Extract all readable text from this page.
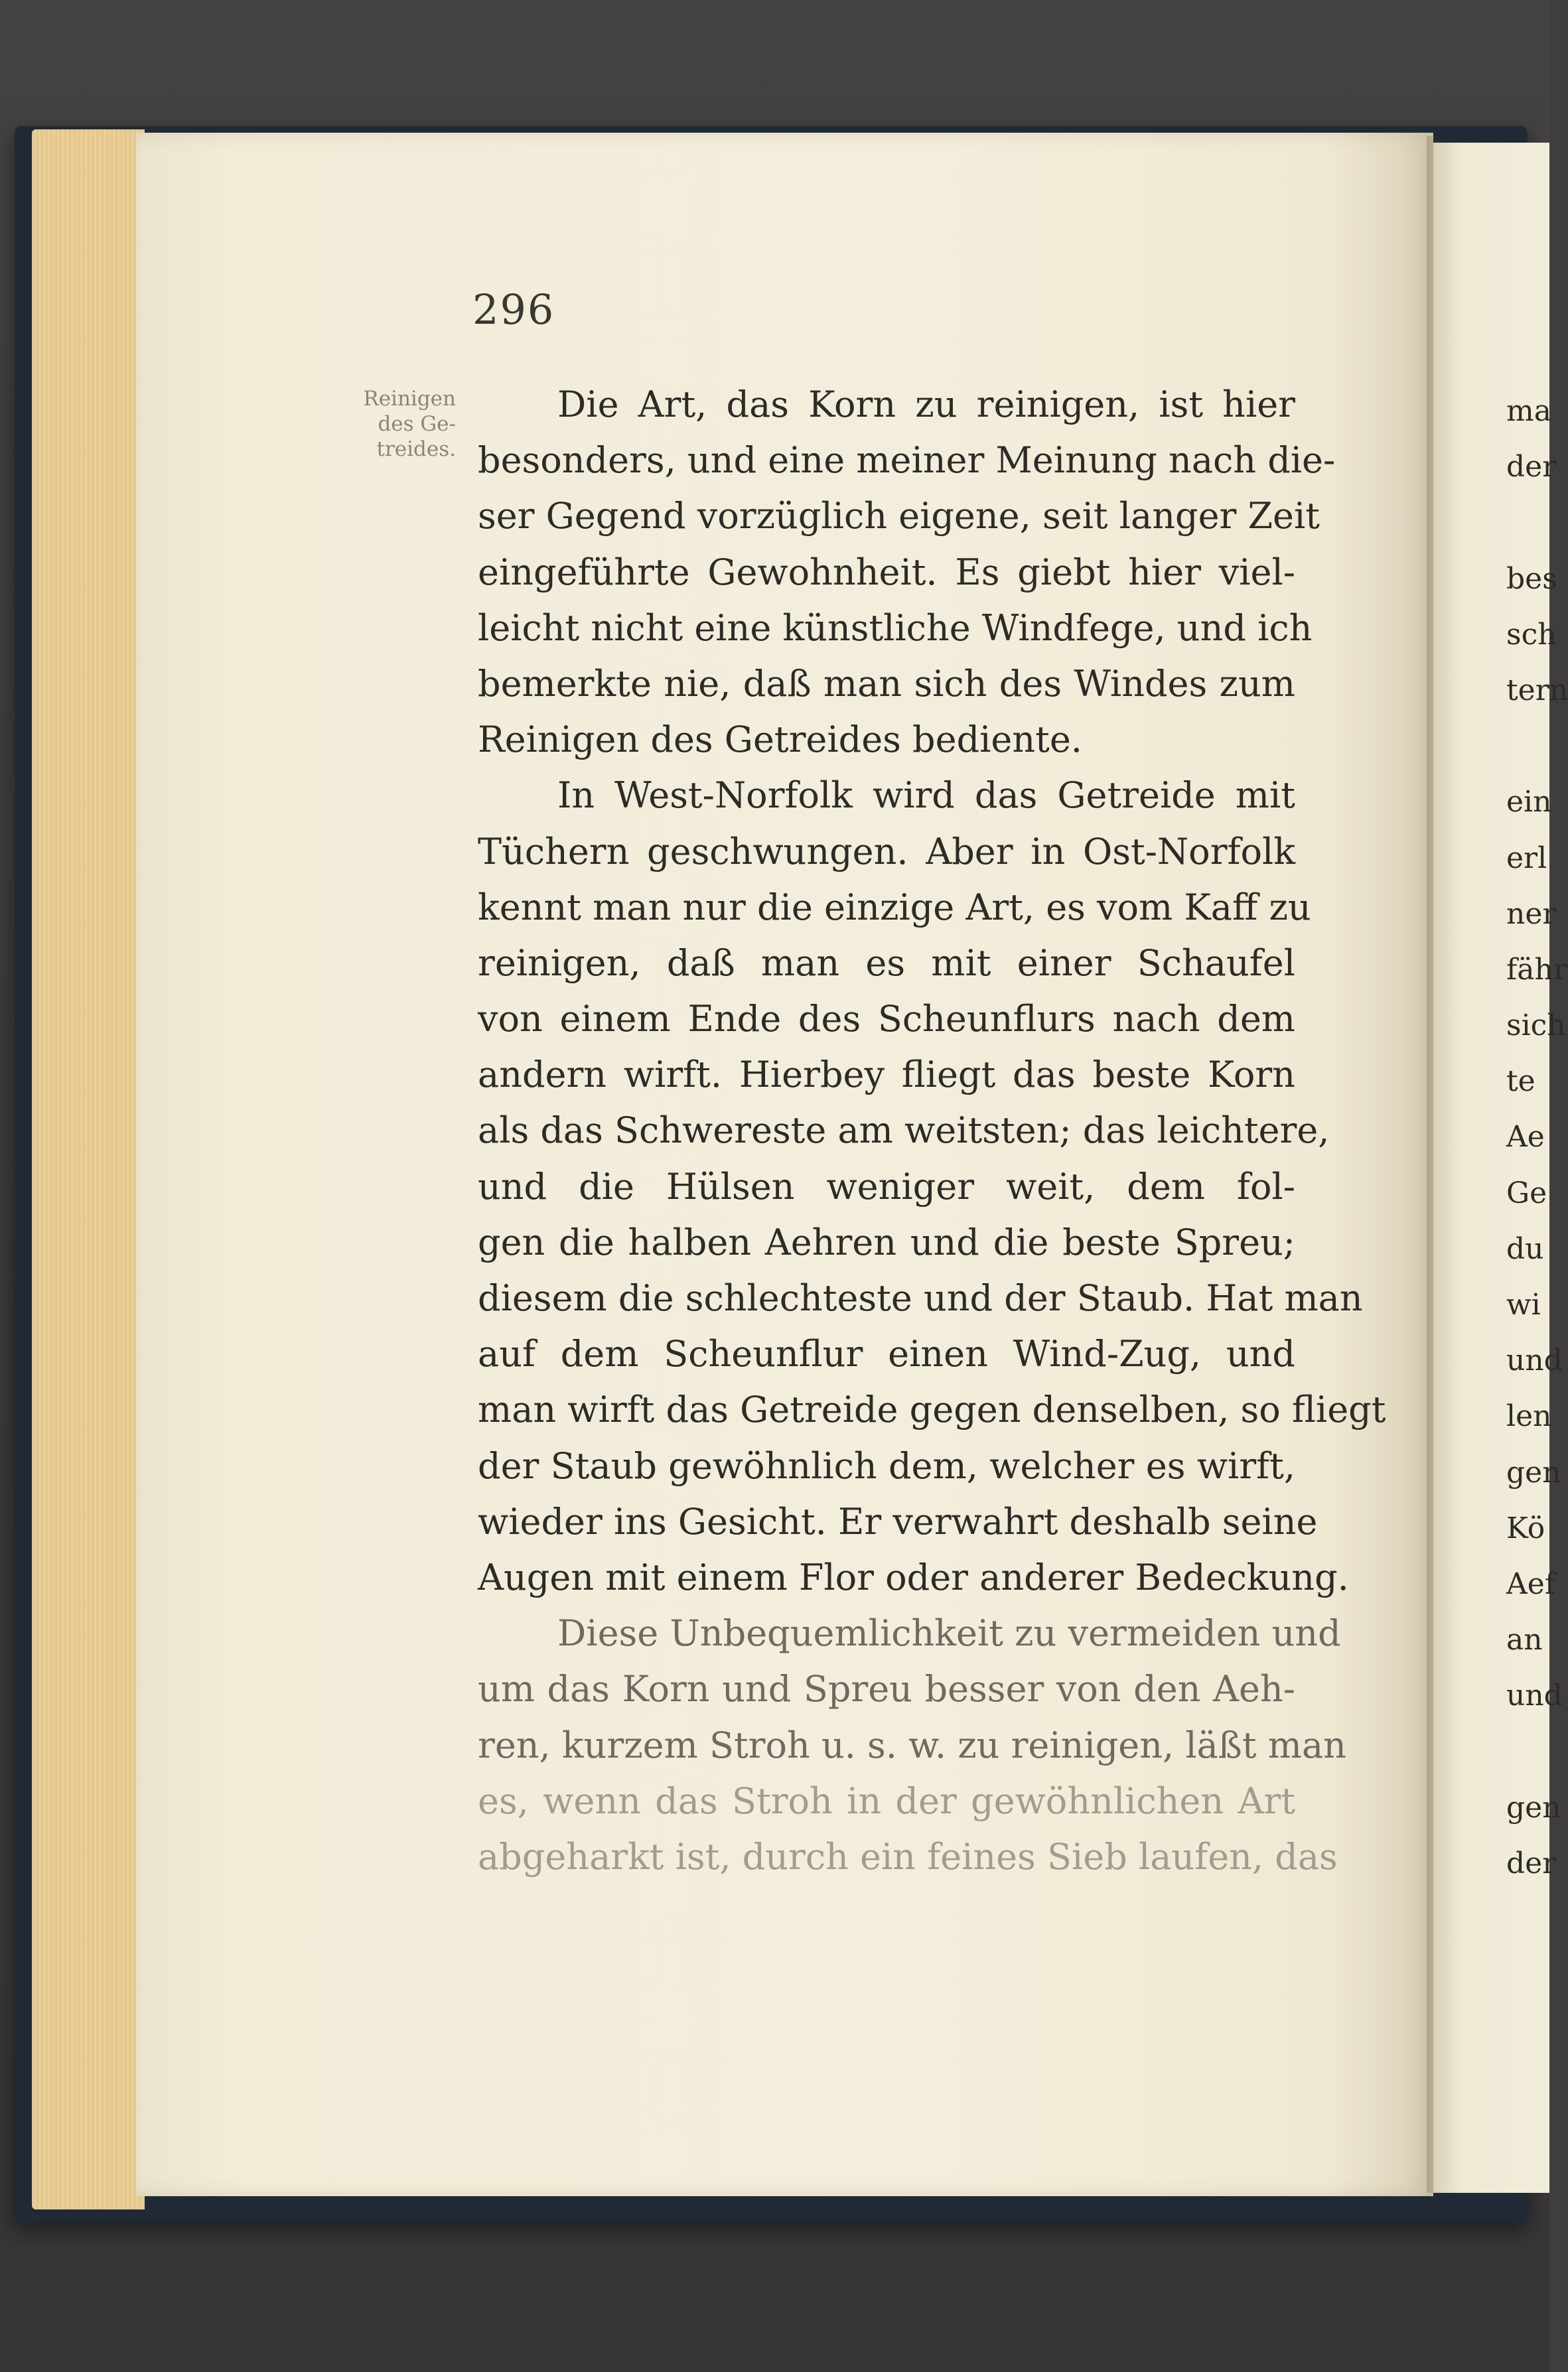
296
Reinigen
des Ge-
treides.
Die Art, das Korn zu reinigen, ist hier
besonders, und eine meiner Meinung nach die-
ser Gegend vorzüglich eigene, seit langer Zeit
eingeführte Gewohnheit. Es giebt hier viel-
leicht nicht eine künstliche Windfege, und ich
bemerkte nie, daß man sich des Windes zum
Reinigen des Getreides bediente.
In West-Norfolk wird das Getreide mit
Tüchern geschwungen. Aber in Ost-Norfolk
kennt man nur die einzige Art, es vom Kaff zu
reinigen, daß man es mit einer Schaufel
von einem Ende des Scheunflurs nach dem
andern wirft. Hierbey fliegt das beste Korn
als das Schwereste am weitsten; das leichtere,
und die Hülsen weniger weit, dem fol-
gen die halben Aehren und die beste Spreu;
diesem die schlechteste und der Staub. Hat man
auf dem Scheunflur einen Wind-Zug, und
man wirft das Getreide gegen denselben, so fliegt
der Staub gewöhnlich dem, welcher es wirft,
wieder ins Gesicht. Er verwahrt deshalb seine
Augen mit einem Flor oder anderer Bedeckung.
Diese Unbequemlichkeit zu vermeiden und
um das Korn und Spreu besser von den Aeh-
ren, kurzem Stroh u. s. w. zu reinigen, läßt man
es, wenn das Stroh in der gewöhnlichen Art
abgeharkt ist, durch ein feines Sieb laufen, das
ma
der
bes
sch
tern
ein
erl
ner
fähr
sich
te
Ae
Ge
du
wi
und
len
gen
Kö
Aef
an
und
gen
der
